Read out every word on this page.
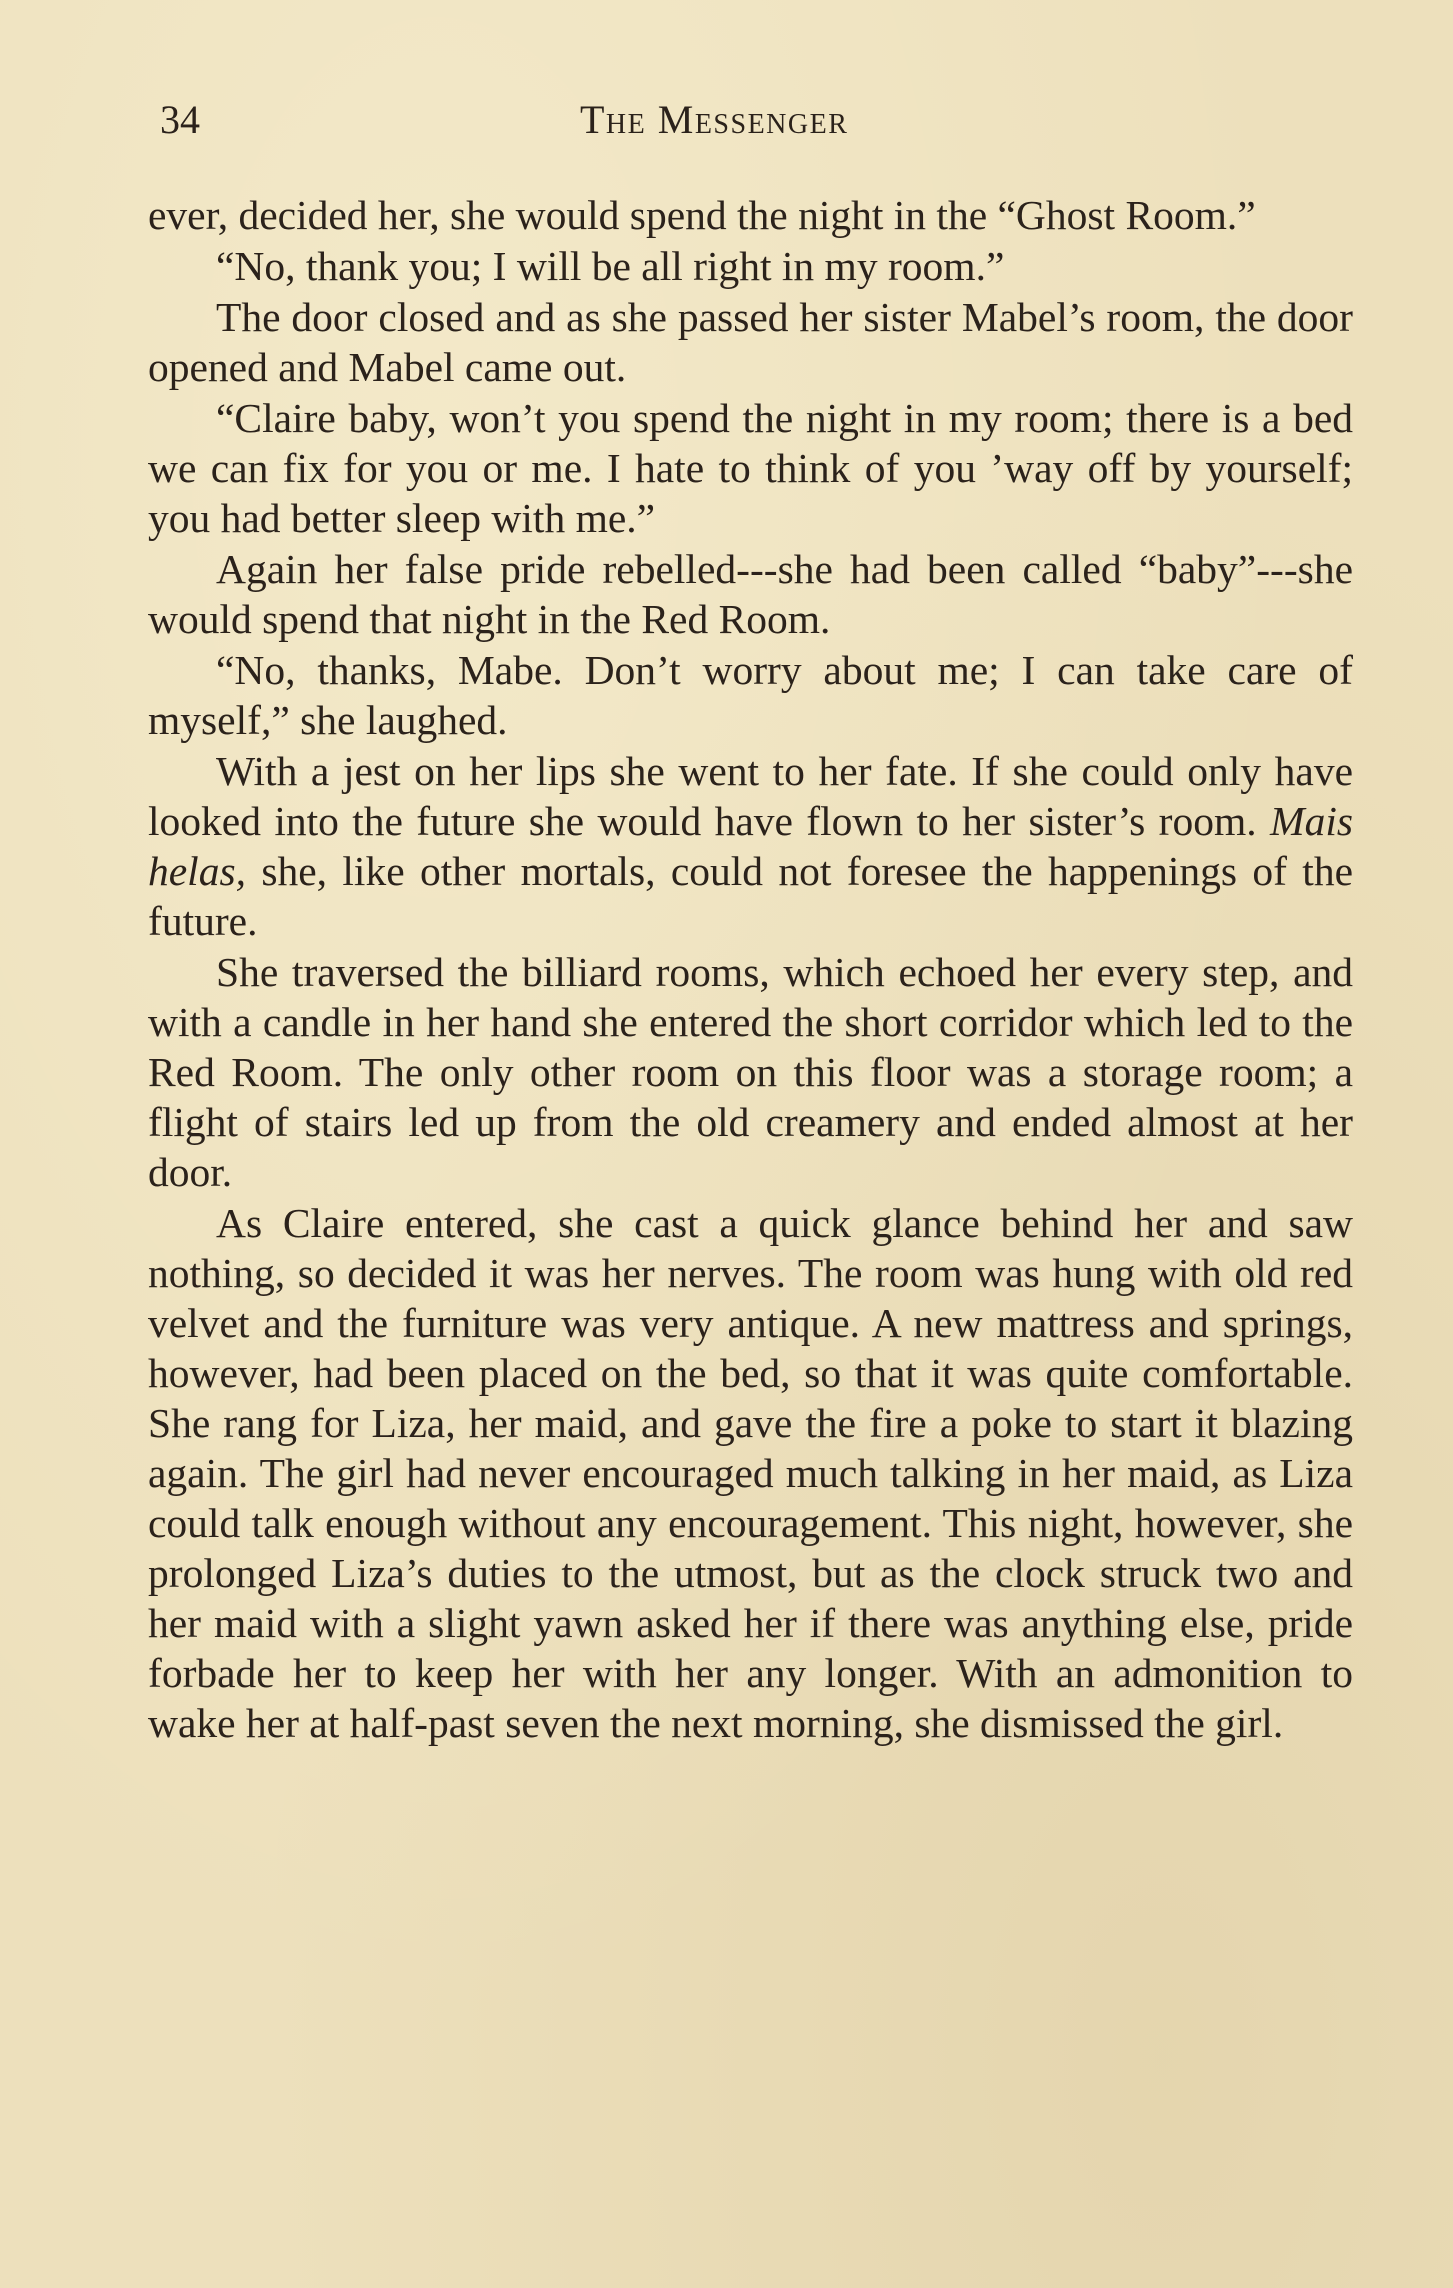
34	The Messenger

ever, decided her, she would spend the night in the “Ghost Room.”

“No, thank you; I will be all right in my room.”

The door closed and as she passed her sister Mabel’s room, the door opened and Mabel came out.

“Claire baby, won’t you spend the night in my room; there is a bed we can fix for you or me. I hate to think of you ’way off by yourself; you had better sleep with me.”

Again her false pride rebelled---she had been called “baby”---she would spend that night in the Red Room.

“No, thanks, Mabe. Don’t worry about me; I can take care of myself,” she laughed.

With a jest on her lips she went to her fate. If she could only have looked into the future she would have flown to her sister’s room. Mais helas, she, like other mortals, could not foresee the happenings of the future.

She traversed the billiard rooms, which echoed her every step, and with a candle in her hand she entered the short corridor which led to the Red Room. The only other room on this floor was a storage room; a flight of stairs led up from the old creamery and ended almost at her door.

As Claire entered, she cast a quick glance behind her and saw nothing, so decided it was her nerves. The room was hung with old red velvet and the furniture was very antique. A new mattress and springs, however, had been placed on the bed, so that it was quite comfortable. She rang for Liza, her maid, and gave the fire a poke to start it blazing again. The girl had never encouraged much talking in her maid, as Liza could talk enough without any encouragement. This night, however, she prolonged Liza’s duties to the utmost, but as the clock struck two and her maid with a slight yawn asked her if there was anything else, pride forbade her to keep her with her any longer. With an admonition to wake her at half-past seven the next morning, she dismissed the girl.
